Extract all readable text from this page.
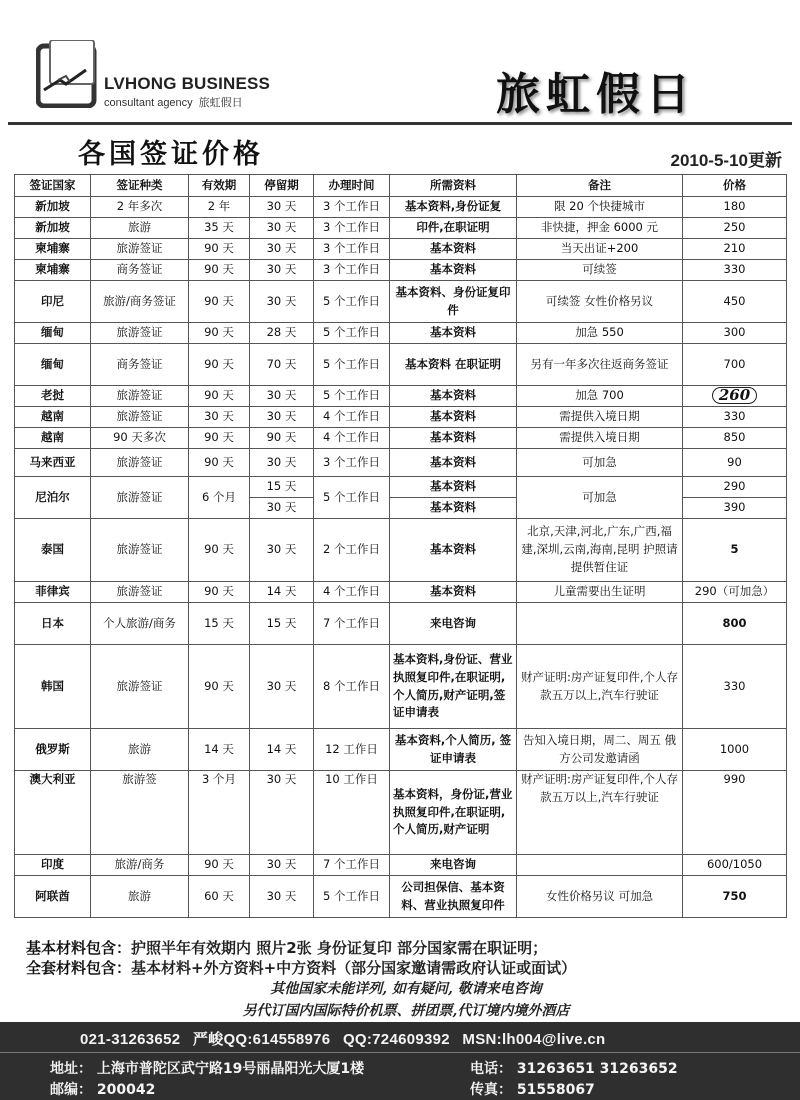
LVHONG BUSINESS
consultant agency 旅虹假日	旅虹假日
各国签证价格	2010-5-10更新
签证国家	签证种类	有效期	停留期	办理时间	所需资料	备注	价格
新加坡	2 年多次	2 年	30 天	3 个工作日	基本资料,身份证复	限 20 个快捷城市	180
新加坡	旅游	35 天	30 天	3 个工作日	印件,在职证明	非快捷，押金 6000 元	250
柬埔寨	旅游签证	90 天	30 天	3 个工作日	基本资料	当天出证+200	210
柬埔寨	商务签证	90 天	30 天	3 个工作日	基本资料	可续签	330
印尼	旅游/商务签证	90 天	30 天	5 个工作日	基本资料、身份证复印件	可续签 女性价格另议	450
缅甸	旅游签证	90 天	28 天	5 个工作日	基本资料	加急 550	300
缅甸	商务签证	90 天	70 天	5 个工作日	基本资料 在职证明	另有一年多次往返商务签证	700
老挝	旅游签证	90 天	30 天	5 个工作日	基本资料	加急 700	260
越南	旅游签证	30 天	30 天	4 个工作日	基本资料	需提供入境日期	330
越南	90 天多次	90 天	90 天	4 个工作日	基本资料	需提供入境日期	850
马来西亚	旅游签证	90 天	30 天	3 个工作日	基本资料	可加急	90
尼泊尔	旅游签证	6 个月	15 天	5 个工作日	基本资料	可加急	290
			30 天		基本资料		390
泰国	旅游签证	90 天	30 天	2 个工作日	基本资料	北京,天津,河北,广东,广西,福建,深圳,云南,海南,昆明 护照请提供暂住证	5
菲律宾	旅游签证	90 天	14 天	4 个工作日	基本资料	儿童需要出生证明	290（可加急）
日本	个人旅游/商务	15 天	15 天	7 个工作日	来电咨询		800
韩国	旅游签证	90 天	30 天	8 个工作日	基本资料,身份证、营业执照复印件,在职证明,个人简历,财产证明,签证申请表	财产证明:房产证复印件,个人存款五万以上,汽车行驶证	330
俄罗斯	旅游	14 天	14 天	12 工作日	基本资料,个人简历, 签证申请表	告知入境日期，周二、周五 俄方公司发邀请函	1000
澳大利亚	旅游签	3 个月	30 天	10 工作日	基本资料，身份证,营业执照复印件,在职证明,个人简历,财产证明	财产证明:房产证复印件,个人存款五万以上,汽车行驶证	990
印度	旅游/商务	90 天	30 天	7 个工作日	来电咨询		600/1050
阿联酋	旅游	60 天	30 天	5 个工作日	公司担保信、基本资料、营业执照复印件	女性价格另议 可加急	750
基本材料包含：护照半年有效期内 照片2张 身份证复印 部分国家需在职证明；
全套材料包含：基本材料+外方资料+中方资料（部分国家邀请需政府认证或面试）
其他国家未能详列, 如有疑问, 敬请来电咨询
另代订国内国际特价机票、拼团票,代订境内境外酒店
021-31263652 严峻QQ:614558976 QQ:724609392 MSN:lh004@live.cn
地址： 上海市普陀区武宁路19号丽晶阳光大厦1楼
邮编： 200042
电话： 31263651 31263652
传真： 51558067
